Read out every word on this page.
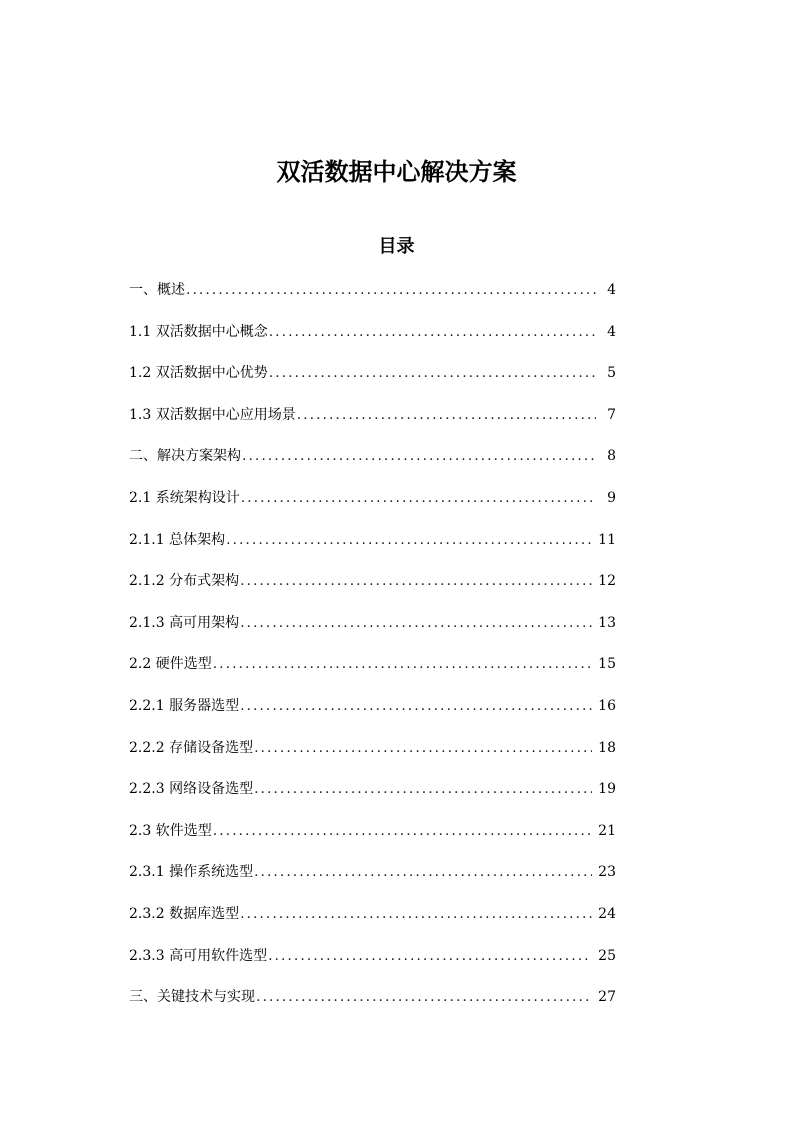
双活数据中心解决方案
目录
一、概述 .....	4
1.1 双活数据中心概念 .....	4
1.2 双活数据中心优势 .....	5
1.3 双活数据中心应用场景 .....	7
二、解决方案架构 .....	8
2.1 系统架构设计 .....	9
2.1.1 总体架构 .....	11
2.1.2 分布式架构 .....	12
2.1.3 高可用架构 .....	13
2.2 硬件选型 .....	15
2.2.1 服务器选型 .....	16
2.2.2 存储设备选型 .....	18
2.2.3 网络设备选型 .....	19
2.3 软件选型 .....	21
2.3.1 操作系统选型 .....	23
2.3.2 数据库选型 .....	24
2.3.3 高可用软件选型 .....	25
三、关键技术与实现 .....	27
